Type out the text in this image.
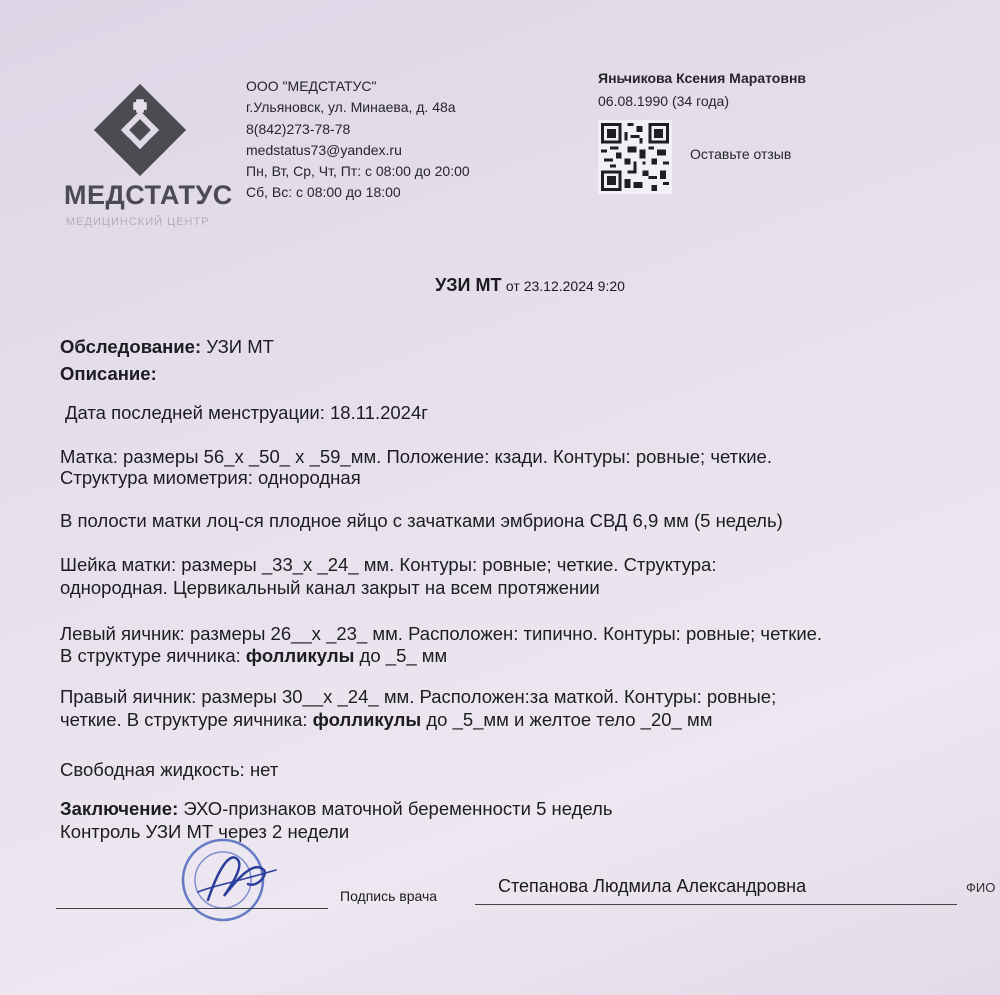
МЕДСТАТУС
МЕДИЦИНСКИЙ ЦЕНТР
ООО "МЕДСТАТУС"
г.Ульяновск, ул. Минаева, д. 48а
8(842)273-78-78
medstatus73@yandex.ru
Пн, Вт, Ср, Чт, Пт: с 08:00 до 20:00
Сб, Вс: с 08:00 до 18:00
Яньчикова Ксения Маратовнв
06.08.1990 (34 года)
Оставьте отзыв
УЗИ МТ от 23.12.2024 9:20
Обследование: УЗИ МТ
Описание:
Дата последней менструации: 18.11.2024г
Матка: размеры 56_х _50_ х _59_мм. Положение: кзади. Контуры: ровные; четкие.
Структура миометрия: однородная
В полости матки лоц-ся плодное яйцо с зачатками эмбриона СВД 6,9 мм (5 недель)
Шейка матки: размеры _33_х _24_ мм. Контуры: ровные; четкие. Структура:
однородная. Цервикальный канал закрыт на всем протяжении
Левый яичник: размеры 26__х _23_ мм. Расположен: типично. Контуры: ровные; четкие.
В структуре яичника: фолликулы до _5_ мм
Правый яичник: размеры 30__х _24_ мм. Расположен:за маткой. Контуры: ровные;
четкие. В структуре яичника: фолликулы до _5_мм и желтое тело _20_ мм
Свободная жидкость: нет
Заключение: ЭХО-признаков маточной беременности 5 недель
Контроль УЗИ МТ через 2 недели
Подпись врача	Степанова Людмила Александровна	ФИО
